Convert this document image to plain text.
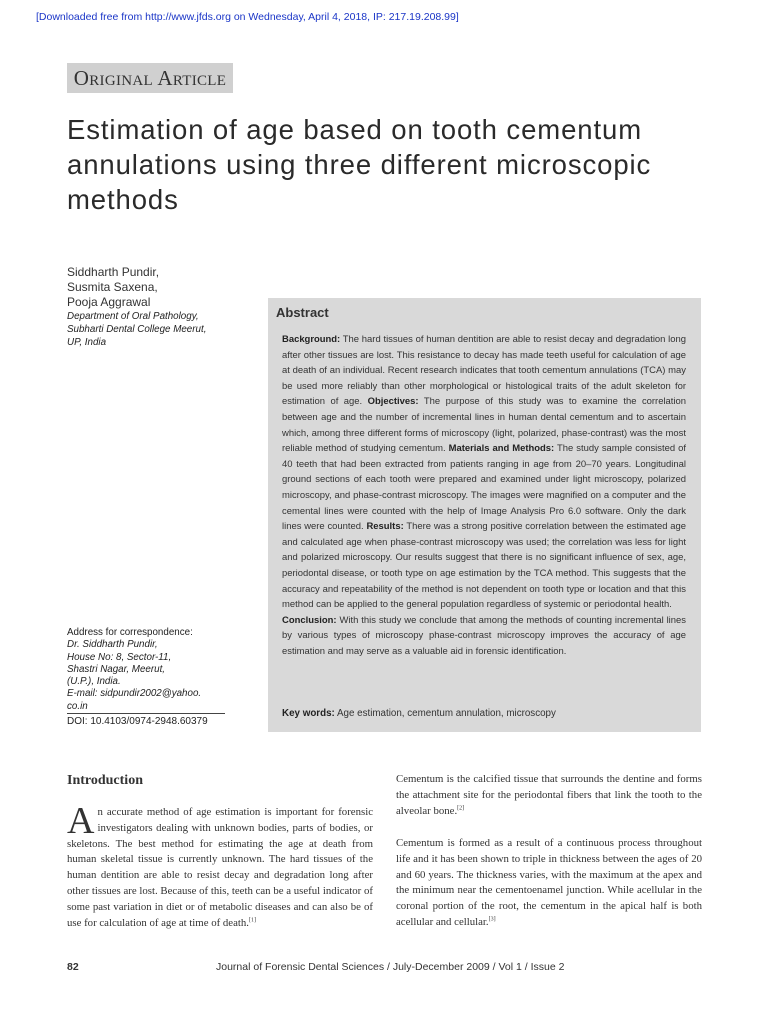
[Downloaded free from http://www.jfds.org on Wednesday, April 4, 2018, IP: 217.19.208.99]
Original Article
Estimation of age based on tooth cementum annulations using three different microscopic methods
Siddharth Pundir,
Susmita Saxena,
Pooja Aggrawal
Department of Oral Pathology,
Subharti Dental College Meerut,
UP, India
Address for correspondence:
Dr. Siddharth Pundir,
House No: 8, Sector-11,
Shastri Nagar, Meerut,
(U.P.), India.
E-mail: sidpundir2002@yahoo.
co.in
DOI: 10.4103/0974-2948.60379
Abstract
Background: The hard tissues of human dentition are able to resist decay and degradation long after other tissues are lost. This resistance to decay has made teeth useful for calculation of age at death of an individual. Recent research indicates that tooth cementum annulations (TCA) may be used more reliably than other morphological or histological traits of the adult skeleton for estimation of age. Objectives: The purpose of this study was to examine the correlation between age and the number of incremental lines in human dental cementum and to ascertain which, among three different forms of microscopy (light, polarized, phase-contrast) was the most reliable method of studying cementum. Materials and Methods: The study sample consisted of 40 teeth that had been extracted from patients ranging in age from 20–70 years. Longitudinal ground sections of each tooth were prepared and examined under light microscopy, polarized microscopy, and phase-contrast microscopy. The images were magnified on a computer and the cemental lines were counted with the help of Image Analysis Pro 6.0 software. Only the dark lines were counted. Results: There was a strong positive correlation between the estimated age and calculated age when phase-contrast microscopy was used; the correlation was less for light and polarized microscopy. Our results suggest that there is no significant influence of sex, age, periodontal disease, or tooth type on age estimation by the TCA method. This suggests that the accuracy and repeatability of the method is not dependent on tooth type or location and that this method can be applied to the general population regardless of systemic or periodontal health.
Conclusion: With this study we conclude that among the methods of counting incremental lines by various types of microscopy phase-contrast microscopy improves the accuracy of age estimation and may serve as a valuable aid in forensic identification.
Key words: Age estimation, cementum annulation, microscopy
Introduction
An accurate method of age estimation is important for forensic investigators dealing with unknown bodies, parts of bodies, or skeletons. The best method for estimating the age at death from human skeletal tissue is currently unknown. The hard tissues of the human dentition are able to resist decay and degradation long after other tissues are lost. Because of this, teeth can be a useful indicator of some past variation in diet or of metabolic diseases and can also be of use for calculation of age at time of death.[1]
Cementum is the calcified tissue that surrounds the dentine and forms the attachment site for the periodontal fibers that link the tooth to the alveolar bone.[2]
Cementum is formed as a result of a continuous process throughout life and it has been shown to triple in thickness between the ages of 20 and 60 years. The thickness varies, with the maximum at the apex and the minimum near the cementoenamel junction. While acellular in the coronal portion of the root, the cementum in the apical half is both acellular and cellular.[3]
82	Journal of Forensic Dental Sciences / July-December 2009 / Vol 1 / Issue 2
